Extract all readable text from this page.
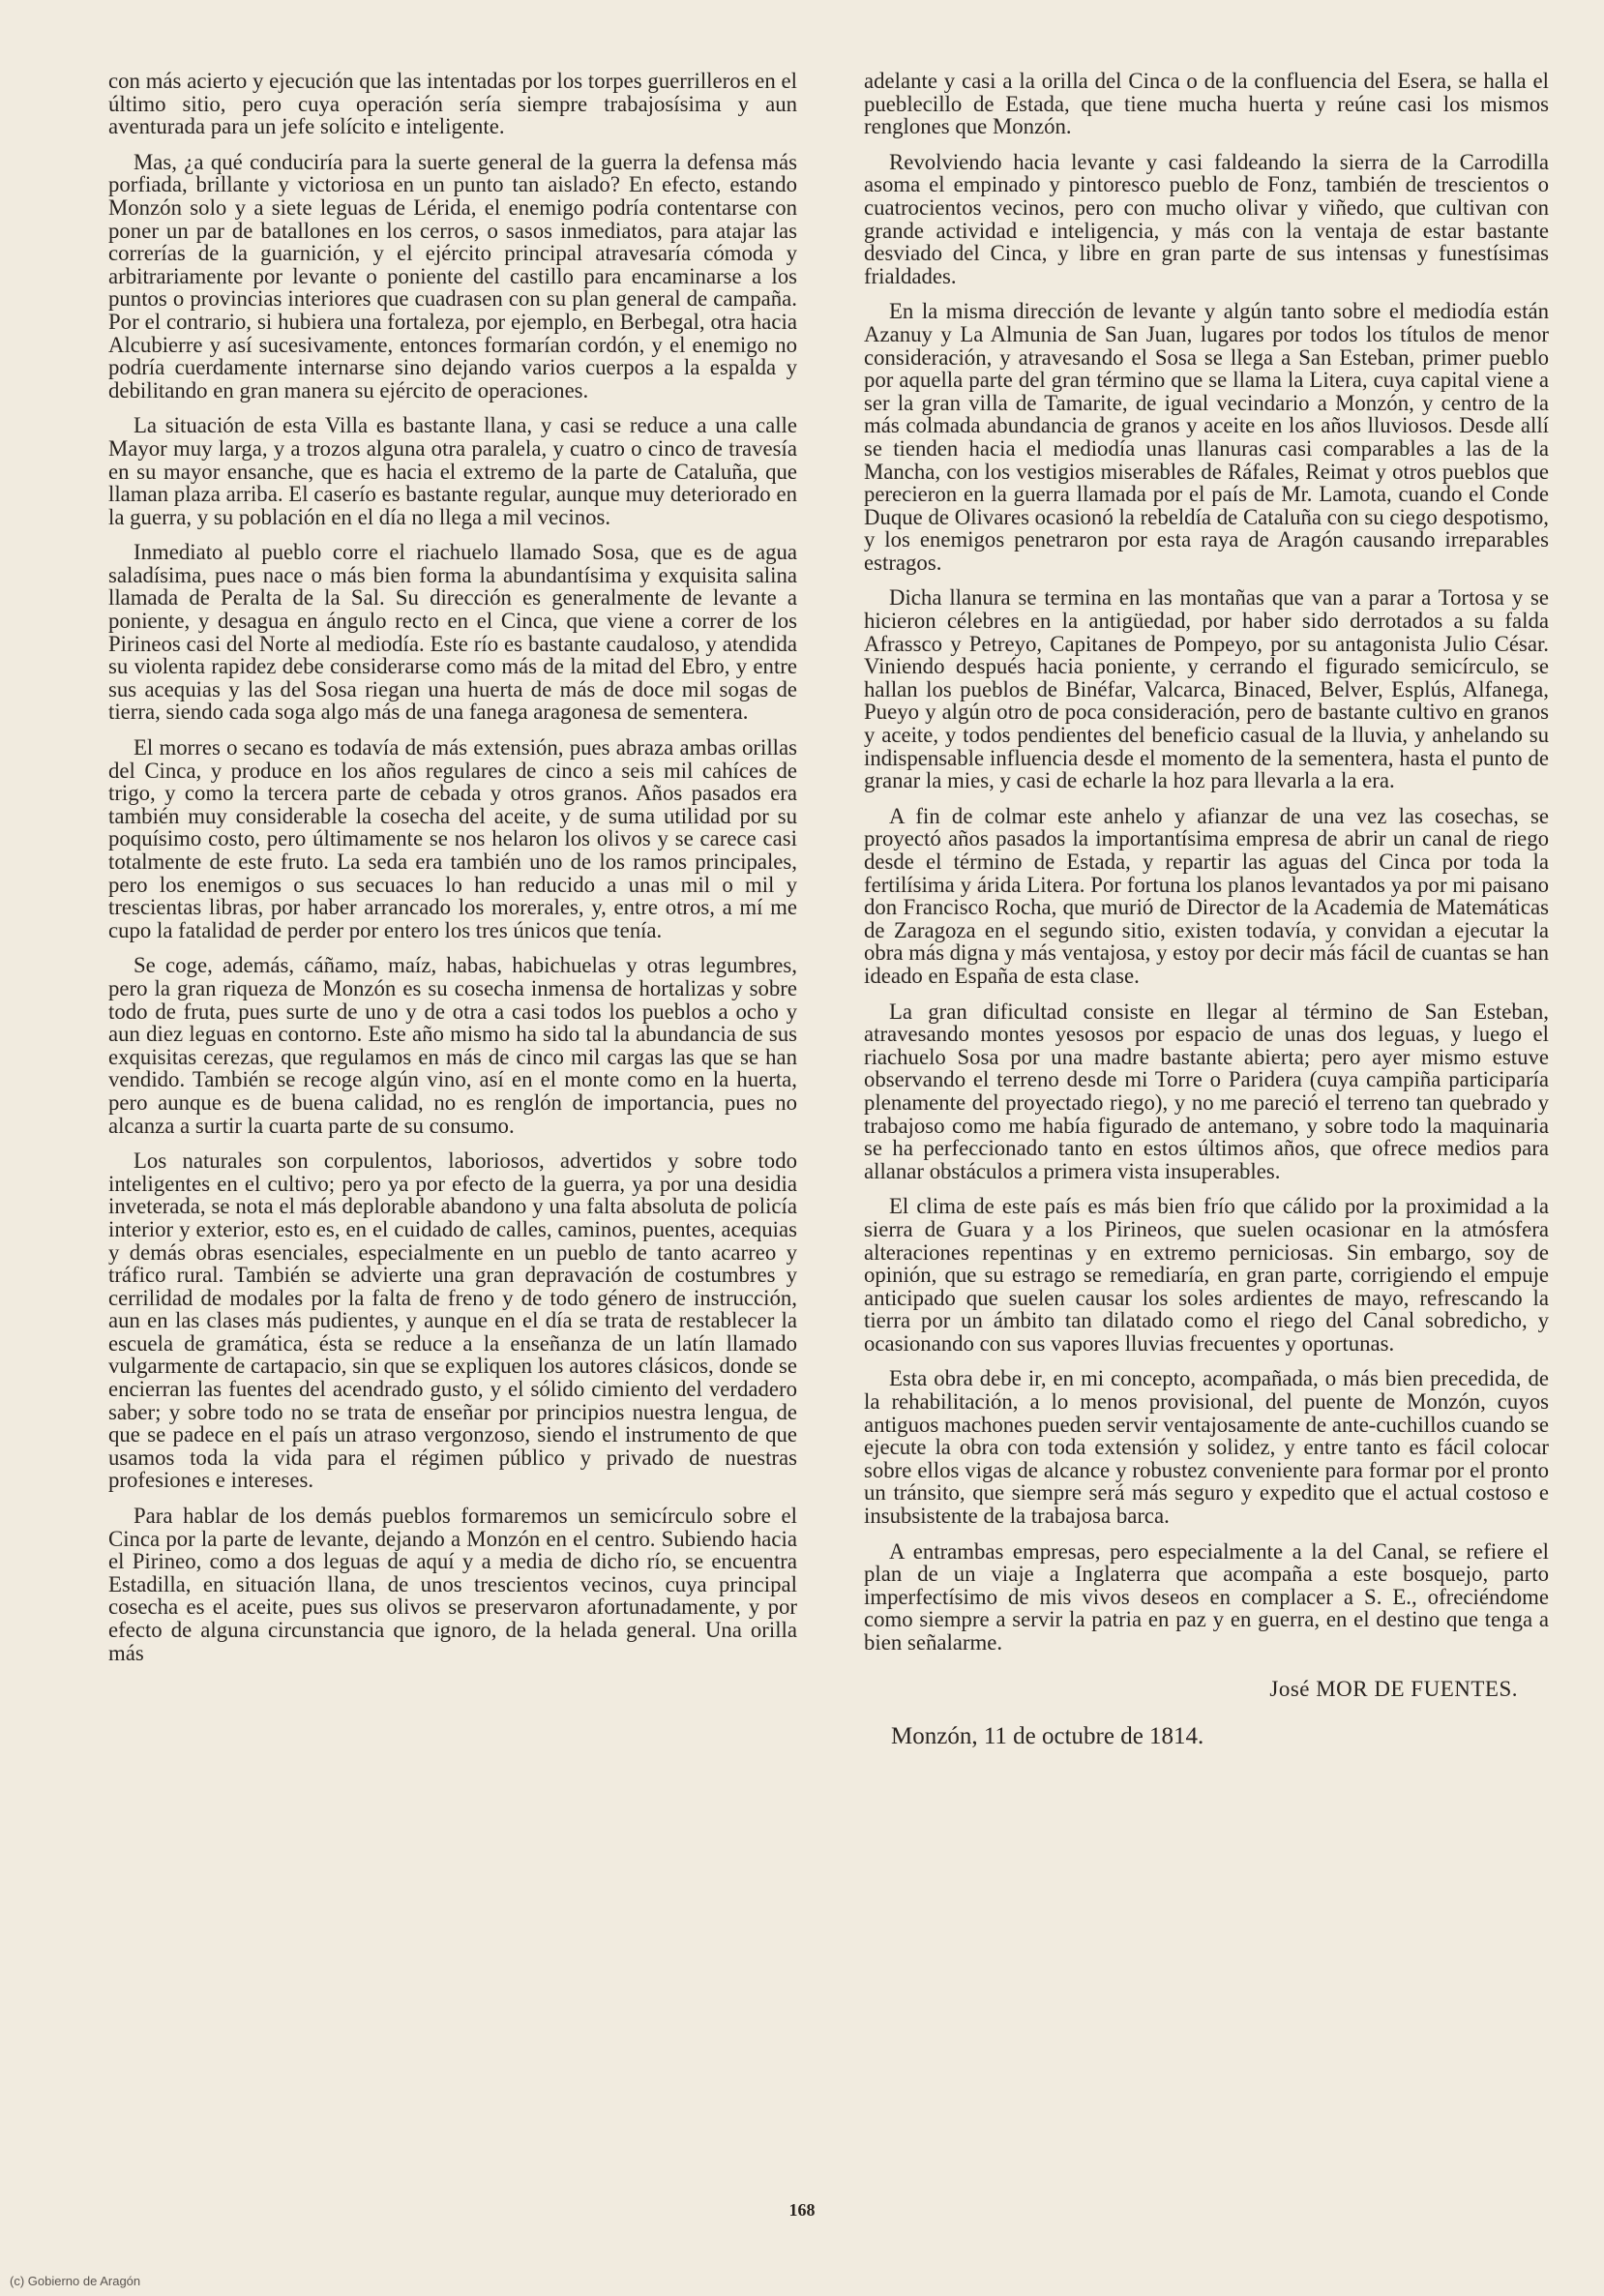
con más acierto y ejecución que las intentadas por los torpes guerrilleros en el último sitio, pero cuya operación sería siempre trabajosísima y aun aventurada para un jefe solícito e inteligente.

Mas, ¿a qué conduciría para la suerte general de la guerra la defensa más porfiada, brillante y victoriosa en un punto tan aislado? En efecto, estando Monzón solo y a siete leguas de Lérida, el enemigo podría contentarse con poner un par de batallones en los cerros, o sasos inmediatos, para atajar las correrías de la guarnición, y el ejército principal atravesaría cómoda y arbitrariamente por levante o poniente del castillo para encaminarse a los puntos o provincias interiores que cuadrasen con su plan general de campaña. Por el contrario, si hubiera una fortaleza, por ejemplo, en Berbegal, otra hacia Alcubierre y así sucesivamente, entonces formarían cordón, y el enemigo no podría cuerdamente internarse sino dejando varios cuerpos a la espalda y debilitando en gran manera su ejército de operaciones.

La situación de esta Villa es bastante llana, y casi se reduce a una calle Mayor muy larga, y a trozos alguna otra paralela, y cuatro o cinco de travesía en su mayor ensanche, que es hacia el extremo de la parte de Cataluña, que llaman plaza arriba. El caserío es bastante regular, aunque muy deteriorado en la guerra, y su población en el día no llega a mil vecinos.

Inmediato al pueblo corre el riachuelo llamado Sosa, que es de agua saladísima, pues nace o más bien forma la abundantísima y exquisita salina llamada de Peralta de la Sal. Su dirección es generalmente de levante a poniente, y desagua en ángulo recto en el Cinca, que viene a correr de los Pirineos casi del Norte al mediodía. Este río es bastante caudaloso, y atendida su violenta rapidez debe considerarse como más de la mitad del Ebro, y entre sus acequias y las del Sosa riegan una huerta de más de doce mil sogas de tierra, siendo cada soga algo más de una fanega aragonesa de sementera.

El morres o secano es todavía de más extensión, pues abraza ambas orillas del Cinca, y produce en los años regulares de cinco a seis mil cahíces de trigo, y como la tercera parte de cebada y otros granos. Años pasados era también muy considerable la cosecha del aceite, y de suma utilidad por su poquísimo costo, pero últimamente se nos helaron los olivos y se carece casi totalmente de este fruto. La seda era también uno de los ramos principales, pero los enemigos o sus secuaces lo han reducido a unas mil o mil y trescientas libras, por haber arrancado los morerales, y, entre otros, a mí me cupo la fatalidad de perder por entero los tres únicos que tenía.

Se coge, además, cáñamo, maíz, habas, habichuelas y otras legumbres, pero la gran riqueza de Monzón es su cosecha inmensa de hortalizas y sobre todo de fruta, pues surte de uno y de otra a casi todos los pueblos a ocho y aun diez leguas en contorno. Este año mismo ha sido tal la abundancia de sus exquisitas cerezas, que regulamos en más de cinco mil cargas las que se han vendido. También se recoge algún vino, así en el monte como en la huerta, pero aunque es de buena calidad, no es renglón de importancia, pues no alcanza a surtir la cuarta parte de su consumo.

Los naturales son corpulentos, laboriosos, advertidos y sobre todo inteligentes en el cultivo; pero ya por efecto de la guerra, ya por una desidia inveterada, se nota el más deplorable abandono y una falta absoluta de policía interior y exterior, esto es, en el cuidado de calles, caminos, puentes, acequias y demás obras esenciales, especialmente en un pueblo de tanto acarreo y tráfico rural. También se advierte una gran depravación de costumbres y cerrilidad de modales por la falta de freno y de todo género de instrucción, aun en las clases más pudientes, y aunque en el día se trata de restablecer la escuela de gramática, ésta se reduce a la enseñanza de un latín llamado vulgarmente de cartapacio, sin que se expliquen los autores clásicos, donde se encierran las fuentes del acendrado gusto, y el sólido cimiento del verdadero saber; y sobre todo no se trata de enseñar por principios nuestra lengua, de que se padece en el país un atraso vergonzoso, siendo el instrumento de que usamos toda la vida para el régimen público y privado de nuestras profesiones e intereses.

Para hablar de los demás pueblos formaremos un semicírculo sobre el Cinca por la parte de levante, dejando a Monzón en el centro. Subiendo hacia el Pirineo, como a dos leguas de aquí y a media de dicho río, se encuentra Estadilla, en situación llana, de unos trescientos vecinos, cuya principal cosecha es el aceite, pues sus olivos se preservaron afortunadamente, y por efecto de alguna circunstancia que ignoro, de la helada general. Una orilla más

adelante y casi a la orilla del Cinca o de la confluencia del Esera, se halla el pueblecillo de Estada, que tiene mucha huerta y reúne casi los mismos renglones que Monzón.

Revolviendo hacia levante y casi faldeando la sierra de la Carrodilla asoma el empinado y pintoresco pueblo de Fonz, también de trescientos o cuatrocientos vecinos, pero con mucho olivar y viñedo, que cultivan con grande actividad e inteligencia, y más con la ventaja de estar bastante desviado del Cinca, y libre en gran parte de sus intensas y funestísimas frialdades.

En la misma dirección de levante y algún tanto sobre el mediodía están Azanuy y La Almunia de San Juan, lugares por todos los títulos de menor consideración, y atravesando el Sosa se llega a San Esteban, primer pueblo por aquella parte del gran término que se llama la Litera, cuya capital viene a ser la gran villa de Tamarite, de igual vecindario a Monzón, y centro de la más colmada abundancia de granos y aceite en los años lluviosos. Desde allí se tienden hacia el mediodía unas llanuras casi comparables a las de la Mancha, con los vestigios miserables de Ráfales, Reimat y otros pueblos que perecieron en la guerra llamada por el país de Mr. Lamota, cuando el Conde Duque de Olivares ocasionó la rebeldía de Cataluña con su ciego despotismo, y los enemigos penetraron por esta raya de Aragón causando irreparables estragos.

Dicha llanura se termina en las montañas que van a parar a Tortosa y se hicieron célebres en la antigüedad, por haber sido derrotados a su falda Afrassco y Petreyo, Capitanes de Pompeyo, por su antagonista Julio César. Viniendo después hacia poniente, y cerrando el figurado semicírculo, se hallan los pueblos de Binéfar, Valcarca, Binaced, Belver, Esplús, Alfanega, Pueyo y algún otro de poca consideración, pero de bastante cultivo en granos y aceite, y todos pendientes del beneficio casual de la lluvia, y anhelando su indispensable influencia desde el momento de la sementera, hasta el punto de granar la mies, y casi de echarle la hoz para llevarla a la era.

A fin de colmar este anhelo y afianzar de una vez las cosechas, se proyectó años pasados la importantísima empresa de abrir un canal de riego desde el término de Estada, y repartir las aguas del Cinca por toda la fertilísima y árida Litera. Por fortuna los planos levantados ya por mi paisano don Francisco Rocha, que murió de Director de la Academia de Matemáticas de Zaragoza en el segundo sitio, existen todavía, y convidan a ejecutar la obra más digna y más ventajosa, y estoy por decir más fácil de cuantas se han ideado en España de esta clase.

La gran dificultad consiste en llegar al término de San Esteban, atravesando montes yesosos por espacio de unas dos leguas, y luego el riachuelo Sosa por una madre bastante abierta; pero ayer mismo estuve observando el terreno desde mi Torre o Paridera (cuya campiña participaría plenamente del proyectado riego), y no me pareció el terreno tan quebrado y trabajoso como me había figurado de antemano, y sobre todo la maquinaria se ha perfeccionado tanto en estos últimos años, que ofrece medios para allanar obstáculos a primera vista insuperables.

El clima de este país es más bien frío que cálido por la proximidad a la sierra de Guara y a los Pirineos, que suelen ocasionar en la atmósfera alteraciones repentinas y en extremo perniciosas. Sin embargo, soy de opinión, que su estrago se remediaría, en gran parte, corrigiendo el empuje anticipado que suelen causar los soles ardientes de mayo, refrescando la tierra por un ámbito tan dilatado como el riego del Canal sobredicho, y ocasionando con sus vapores lluvias frecuentes y oportunas.

Esta obra debe ir, en mi concepto, acompañada, o más bien precedida, de la rehabilitación, a lo menos provisional, del puente de Monzón, cuyos antiguos machones pueden servir ventajosamente de ante-cuchillos cuando se ejecute la obra con toda extensión y solidez, y entre tanto es fácil colocar sobre ellos vigas de alcance y robustez conveniente para formar por el pronto un tránsito, que siempre será más seguro y expedito que el actual costoso e insubsistente de la trabajosa barca.

A entrambas empresas, pero especialmente a la del Canal, se refiere el plan de un viaje a Inglaterra que acompaña a este bosquejo, parto imperfectísimo de mis vivos deseos en complacer a S. E., ofreciéndome como siempre a servir la patria en paz y en guerra, en el destino que tenga a bien señalarme.

José MOR DE FUENTES.
Monzón, 11 de octubre de 1814.
168
(c) Gobierno de Aragón
